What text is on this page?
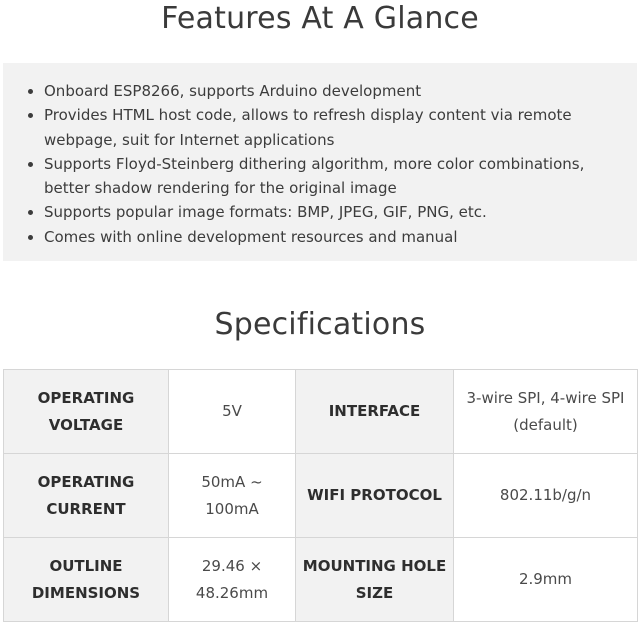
Features At A Glance
Onboard ESP8266, supports Arduino development
Provides HTML host code, allows to refresh display content via remote webpage, suit for Internet applications
Supports Floyd-Steinberg dithering algorithm, more color combinations, better shadow rendering for the original image
Supports popular image formats: BMP, JPEG, GIF, PNG, etc.
Comes with online development resources and manual
Specifications
OPERATING VOLTAGE	5V	INTERFACE	3-wire SPI, 4-wire SPI (default)
OPERATING CURRENT	50mA ~ 100mA	WIFI PROTOCOL	802.11b/g/n
OUTLINE DIMENSIONS	29.46 × 48.26mm	MOUNTING HOLE SIZE	2.9mm
